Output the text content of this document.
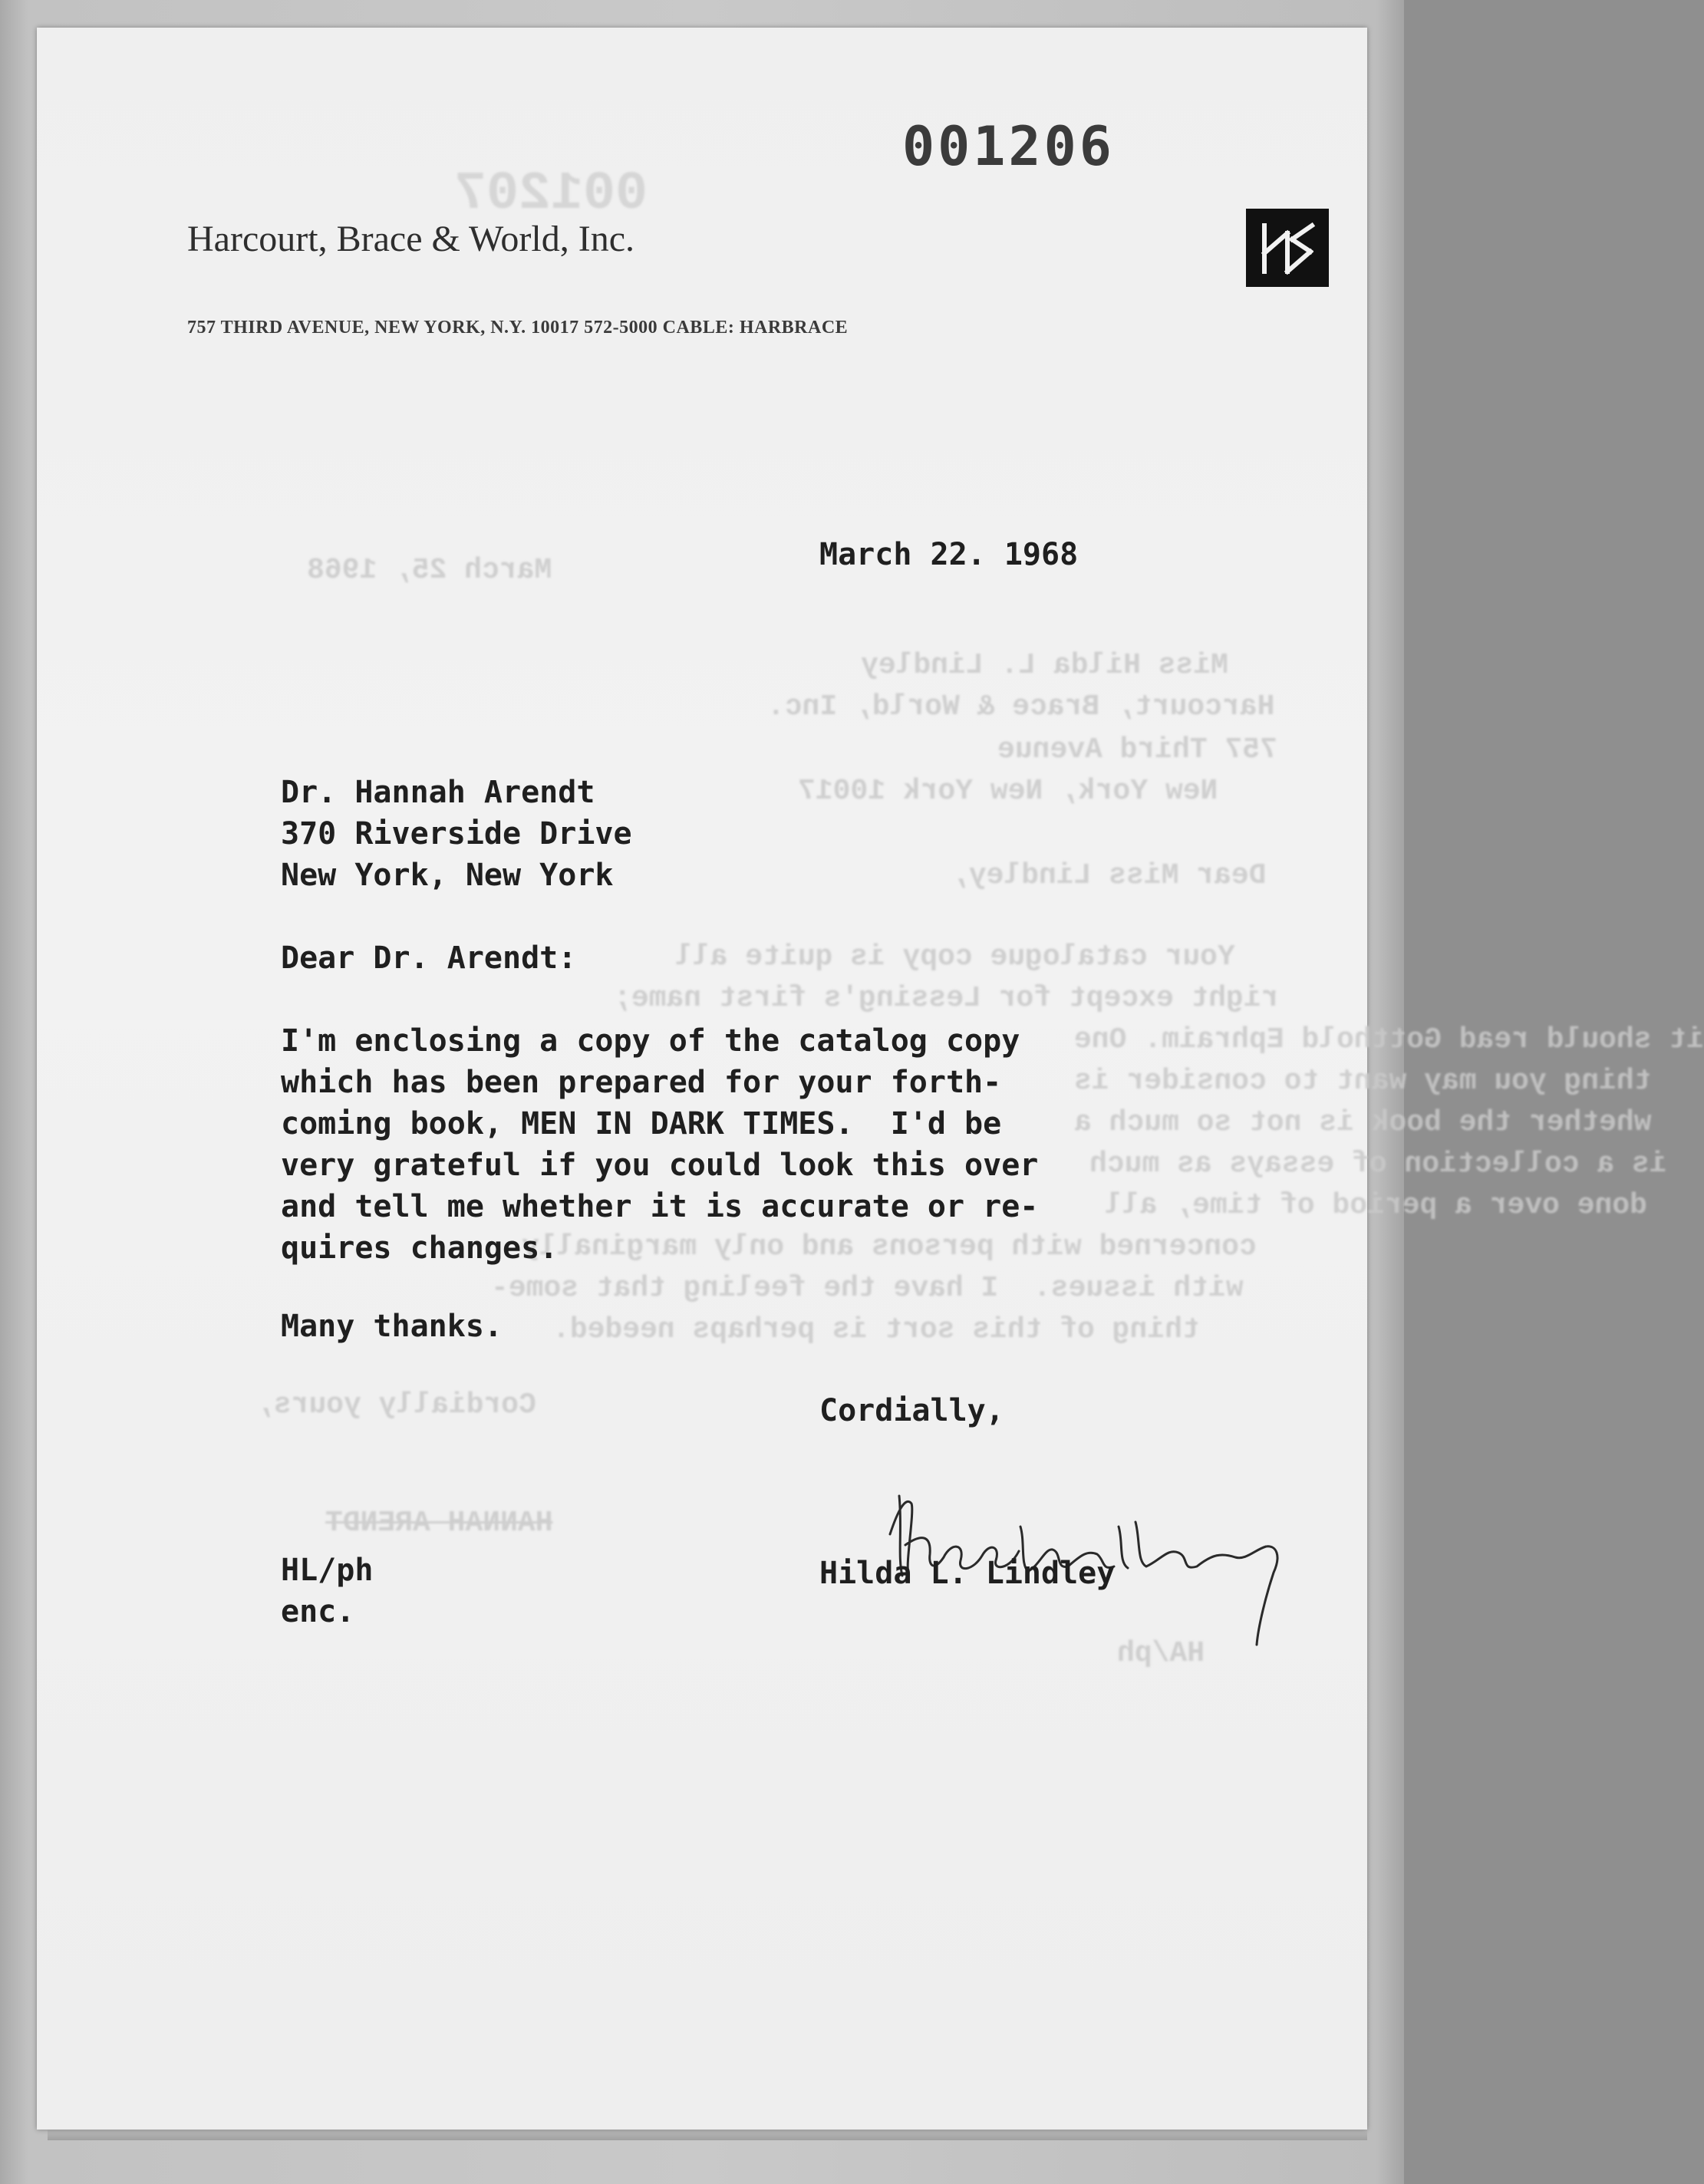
001207
March 25, 1968
Miss Hilda L. Lindley
Harcourt, Brace & World, Inc.
757 Third Avenue
New York, New York 10017
Dear Miss Lindley,
Your catalogue copy is quite all
right except for Lessing's first name;
it should read Gotthold Ephraim. One
thing you may want to consider is
whether the book is not so much a
is a collection of essays as much
done over a period of time, all
concerned with persons and only marginally
with issues.  I have the feeling that some-
thing of this sort is perhaps needed.
Cordially yours,
HANNAH ARENDT
HA/ph
001206
Harcourt, Brace & World, Inc.
757 THIRD AVENUE, NEW YORK, N.Y. 10017 572-5000 CABLE: HARBRACE
March 22. 1968
Dr. Hannah Arendt
370 Riverside Drive
New York, New York
Dear Dr. Arendt:
I'm enclosing a copy of the catalog copy
which has been prepared for your forth-
coming book, MEN IN DARK TIMES.  I'd be
very grateful if you could look this over
and tell me whether it is accurate or re-
quires changes.
Many thanks.
Cordially,
HL/ph	Hilda L. Lindley
enc.
